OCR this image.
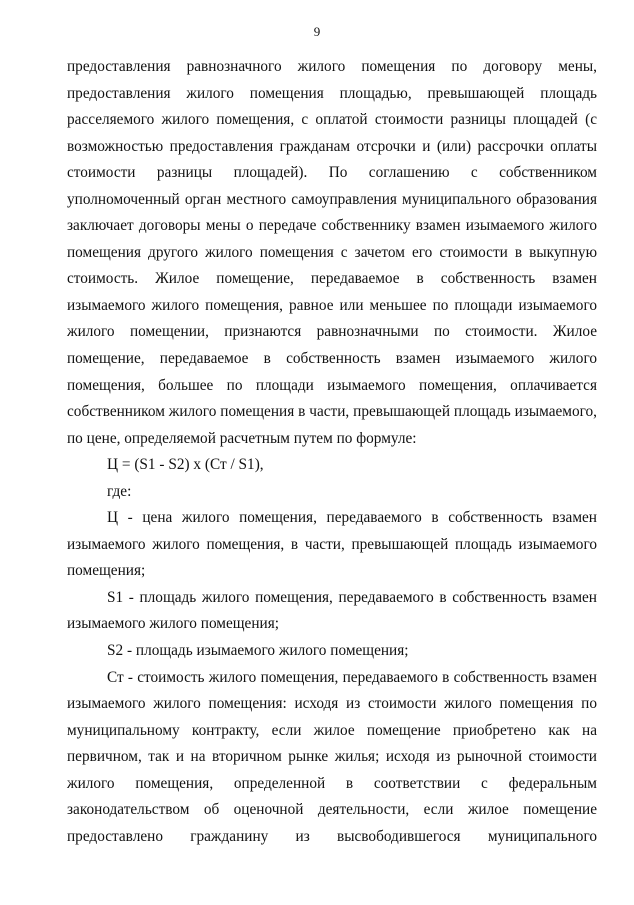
9

предоставления равнозначного жилого помещения по договору мены, предоставления жилого помещения площадью, превышающей площадь расселяемого жилого помещения, с оплатой стоимости разницы площадей (с возможностью предоставления гражданам отсрочки и (или) рассрочки оплаты стоимости разницы площадей). По соглашению с собственником уполномоченный орган местного самоуправления муниципального образования заключает договоры мены о передаче собственнику взамен изымаемого жилого помещения другого жилого помещения с зачетом его стоимости в выкупную стоимость. Жилое помещение, передаваемое в собственность взамен изымаемого жилого помещения, равное или меньшее по площади изымаемого жилого помещении, признаются равнозначными по стоимости. Жилое помещение, передаваемое в собственность взамен изымаемого жилого помещения, большее по площади изымаемого помещения, оплачивается собственником жилого помещения в части, превышающей площадь изымаемого, по цене, определяемой расчетным путем по формуле:

Ц = (S1 - S2) x (Ст / S1),

где:

Ц - цена жилого помещения, передаваемого в собственность взамен изымаемого жилого помещения, в части, превышающей площадь изымаемого помещения;

S1 - площадь жилого помещения, передаваемого в собственность взамен изымаемого жилого помещения;

S2 - площадь изымаемого жилого помещения;

Ст - стоимость жилого помещения, передаваемого в собственность взамен изымаемого жилого помещения: исходя из стоимости жилого помещения по муниципальному контракту, если жилое помещение приобретено как на первичном, так и на вторичном рынке жилья; исходя из рыночной стоимости жилого помещения, определенной в соответствии с федеральным законодательством об оценочной деятельности, если жилое помещение предоставлено гражданину из высвободившегося муниципального
